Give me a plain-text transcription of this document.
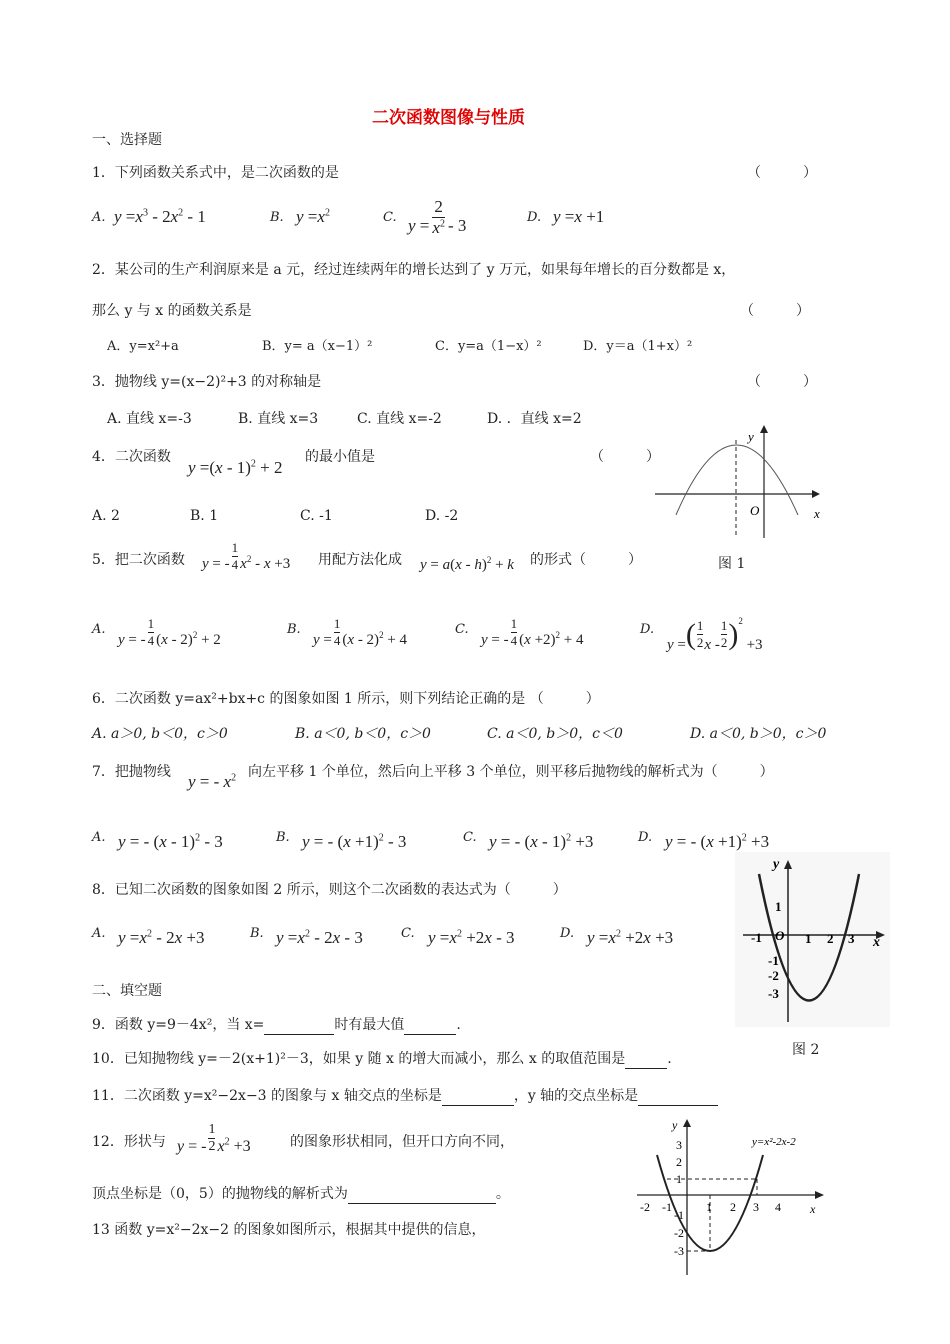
二次函数图像与性质
一、选择题
1．下列函数关系式中，是二次函数的是	（　　　）
A. $y =x^3 - 2x^2 - 1$	B. $y =x^2$	C. $y = \frac{2}{x^2} - 3$	D. y =x +1
2．某公司的生产利润原来是 a 元，经过连续两年的增长达到了 y 万元，如果每年增长的百分数都是 x，
那么 y 与 x 的函数关系是	（　　　）
A．y=x²+a	B．y= a（x−1）²	C．y=a（1−x）²	D．y＝a（1+x）²
3．抛物线 y=(x−2)²+3 的对称轴是	（　　　）
A. 直线 x=-3	B. 直线 x=3	C. 直线 x=-2	D. ．直线 x=2
4．二次函数
y =(x - 1)$^2$ + 2
的最小值是	（　　　）
A. 2	B. 1	C. -1	D. -2
y
O	x
图 1
5．把二次函数 y = - $\frac{1}{4} x^2 - x +3$ 用配方法化成 y = a(x - h)$^2$ + k 的形式（　　　）
A.
y = - $\frac{1}{4} (x - 2)^2 + 2$
B.
$y = \frac{1}{4} (x - 2)^2 + 4$
C.
y = - $\frac{1}{4} (x +2)^2 + 4$
D.
y =( $\frac{1}{2}$ $x - \frac{1}{2} )^2 +3$
6．二次函数 y=ax²+bx+c 的图象如图 1 所示，则下列结论正确的是 （　　　）
A. a＞0, b＜0，c＞0	B. a＜0, b＜0，c＞0	C. a＜0, b＞0，c＜0	D. a＜0, b＞0，c＞0
7．把抛物线 y = - $x^2$ 向左平移 1 个单位，然后向上平移 3 个单位，则平移后抛物线的解析式为（　　　）
A. y = - (x - 1)$^2$ - 3	B. y = - $(x +1)^2 - 3$	C. y = - (x - 1)$^2$ +3	D. y = - $(x +1)^2 +3$
8．已知二次函数的图象如图 2 所示，则这个二次函数的表达式为（　　　）
A. $y =x^2 - 2x +3$	B. $y =x^2 - 2x - 3$	C. $y =x^2 +2x - 3$	D. $y =x^2 +2x +3$
y
x
1
-1 O 1 2 3
-1
-2
-3
图 2
二、填空题
9．函数 y=9－4x²，当 x=	时有最大值	.
10．已知抛物线 y=－2(x+1)²－3，如果 y 随 x 的增大而减小，那么 x 的取值范围是	.
11．二次函数 y=x²−2x−3 的图象与 x 轴交点的坐标是	，y 轴的交点坐标是
12．形状与 y = - $\frac{1}{2} x^2 +3$	的图象形状相同，但开口方向不同，
顶点坐标是（0，5）的抛物线的解析式为	。
13 函数 y=x²−2x−2 的图象如图所示，根据其中提供的信息，
y
y=x²-2x-2
x
3
2
1
-2 -1	1 2 3 4
-1
-2
-3
